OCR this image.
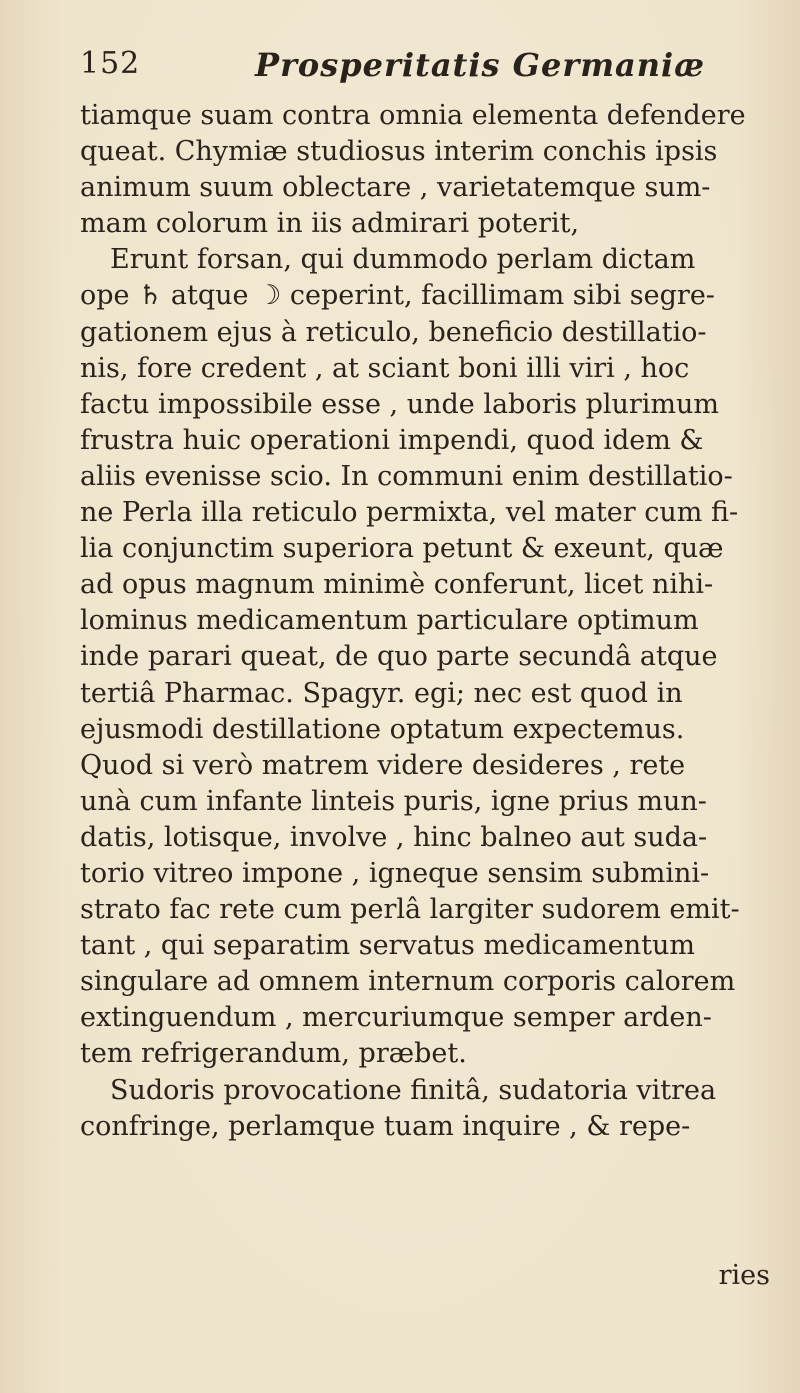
152	Prosperitatis Germaniæ
tiamque suam contra omnia elementa defendere
queat. Chymiæ studiosus interim conchis ipsis
animum suum oblectare , varietatemque sum-
mam colorum in iis admirari poterit,
Erunt forsan, qui dummodo perlam dictam
ope ♄ atque ☽ ceperint, facillimam sibi segre-
gationem ejus à reticulo, beneficio destillatio-
nis, fore credent , at sciant boni illi viri , hoc
factu impossibile esse , unde laboris plurimum
frustra huic operationi impendi, quod idem &
aliis evenisse scio. In communi enim destillatio-
ne Perla illa reticulo permixta, vel mater cum fi-
lia conjunctim superiora petunt & exeunt, quæ
ad opus magnum minimè conferunt, licet nihi-
lominus medicamentum particulare optimum
inde parari queat, de quo parte secundâ atque
tertiâ Pharmac. Spagyr. egi; nec est quod in
ejusmodi destillatione optatum expectemus.
Quod si verò matrem videre desideres , rete
unà cum infante linteis puris, igne prius mun-
datis, lotisque, involve , hinc balneo aut suda-
torio vitreo impone , igneque sensim submini-
strato fac rete cum perlâ largiter sudorem emit-
tant , qui separatim servatus medicamentum
singulare ad omnem internum corporis calorem
extinguendum , mercuriumque semper arden-
tem refrigerandum, præbet.
Sudoris provocatione finitâ, sudatoria vitrea
confringe, perlamque tuam inquire , & repe-
ries
